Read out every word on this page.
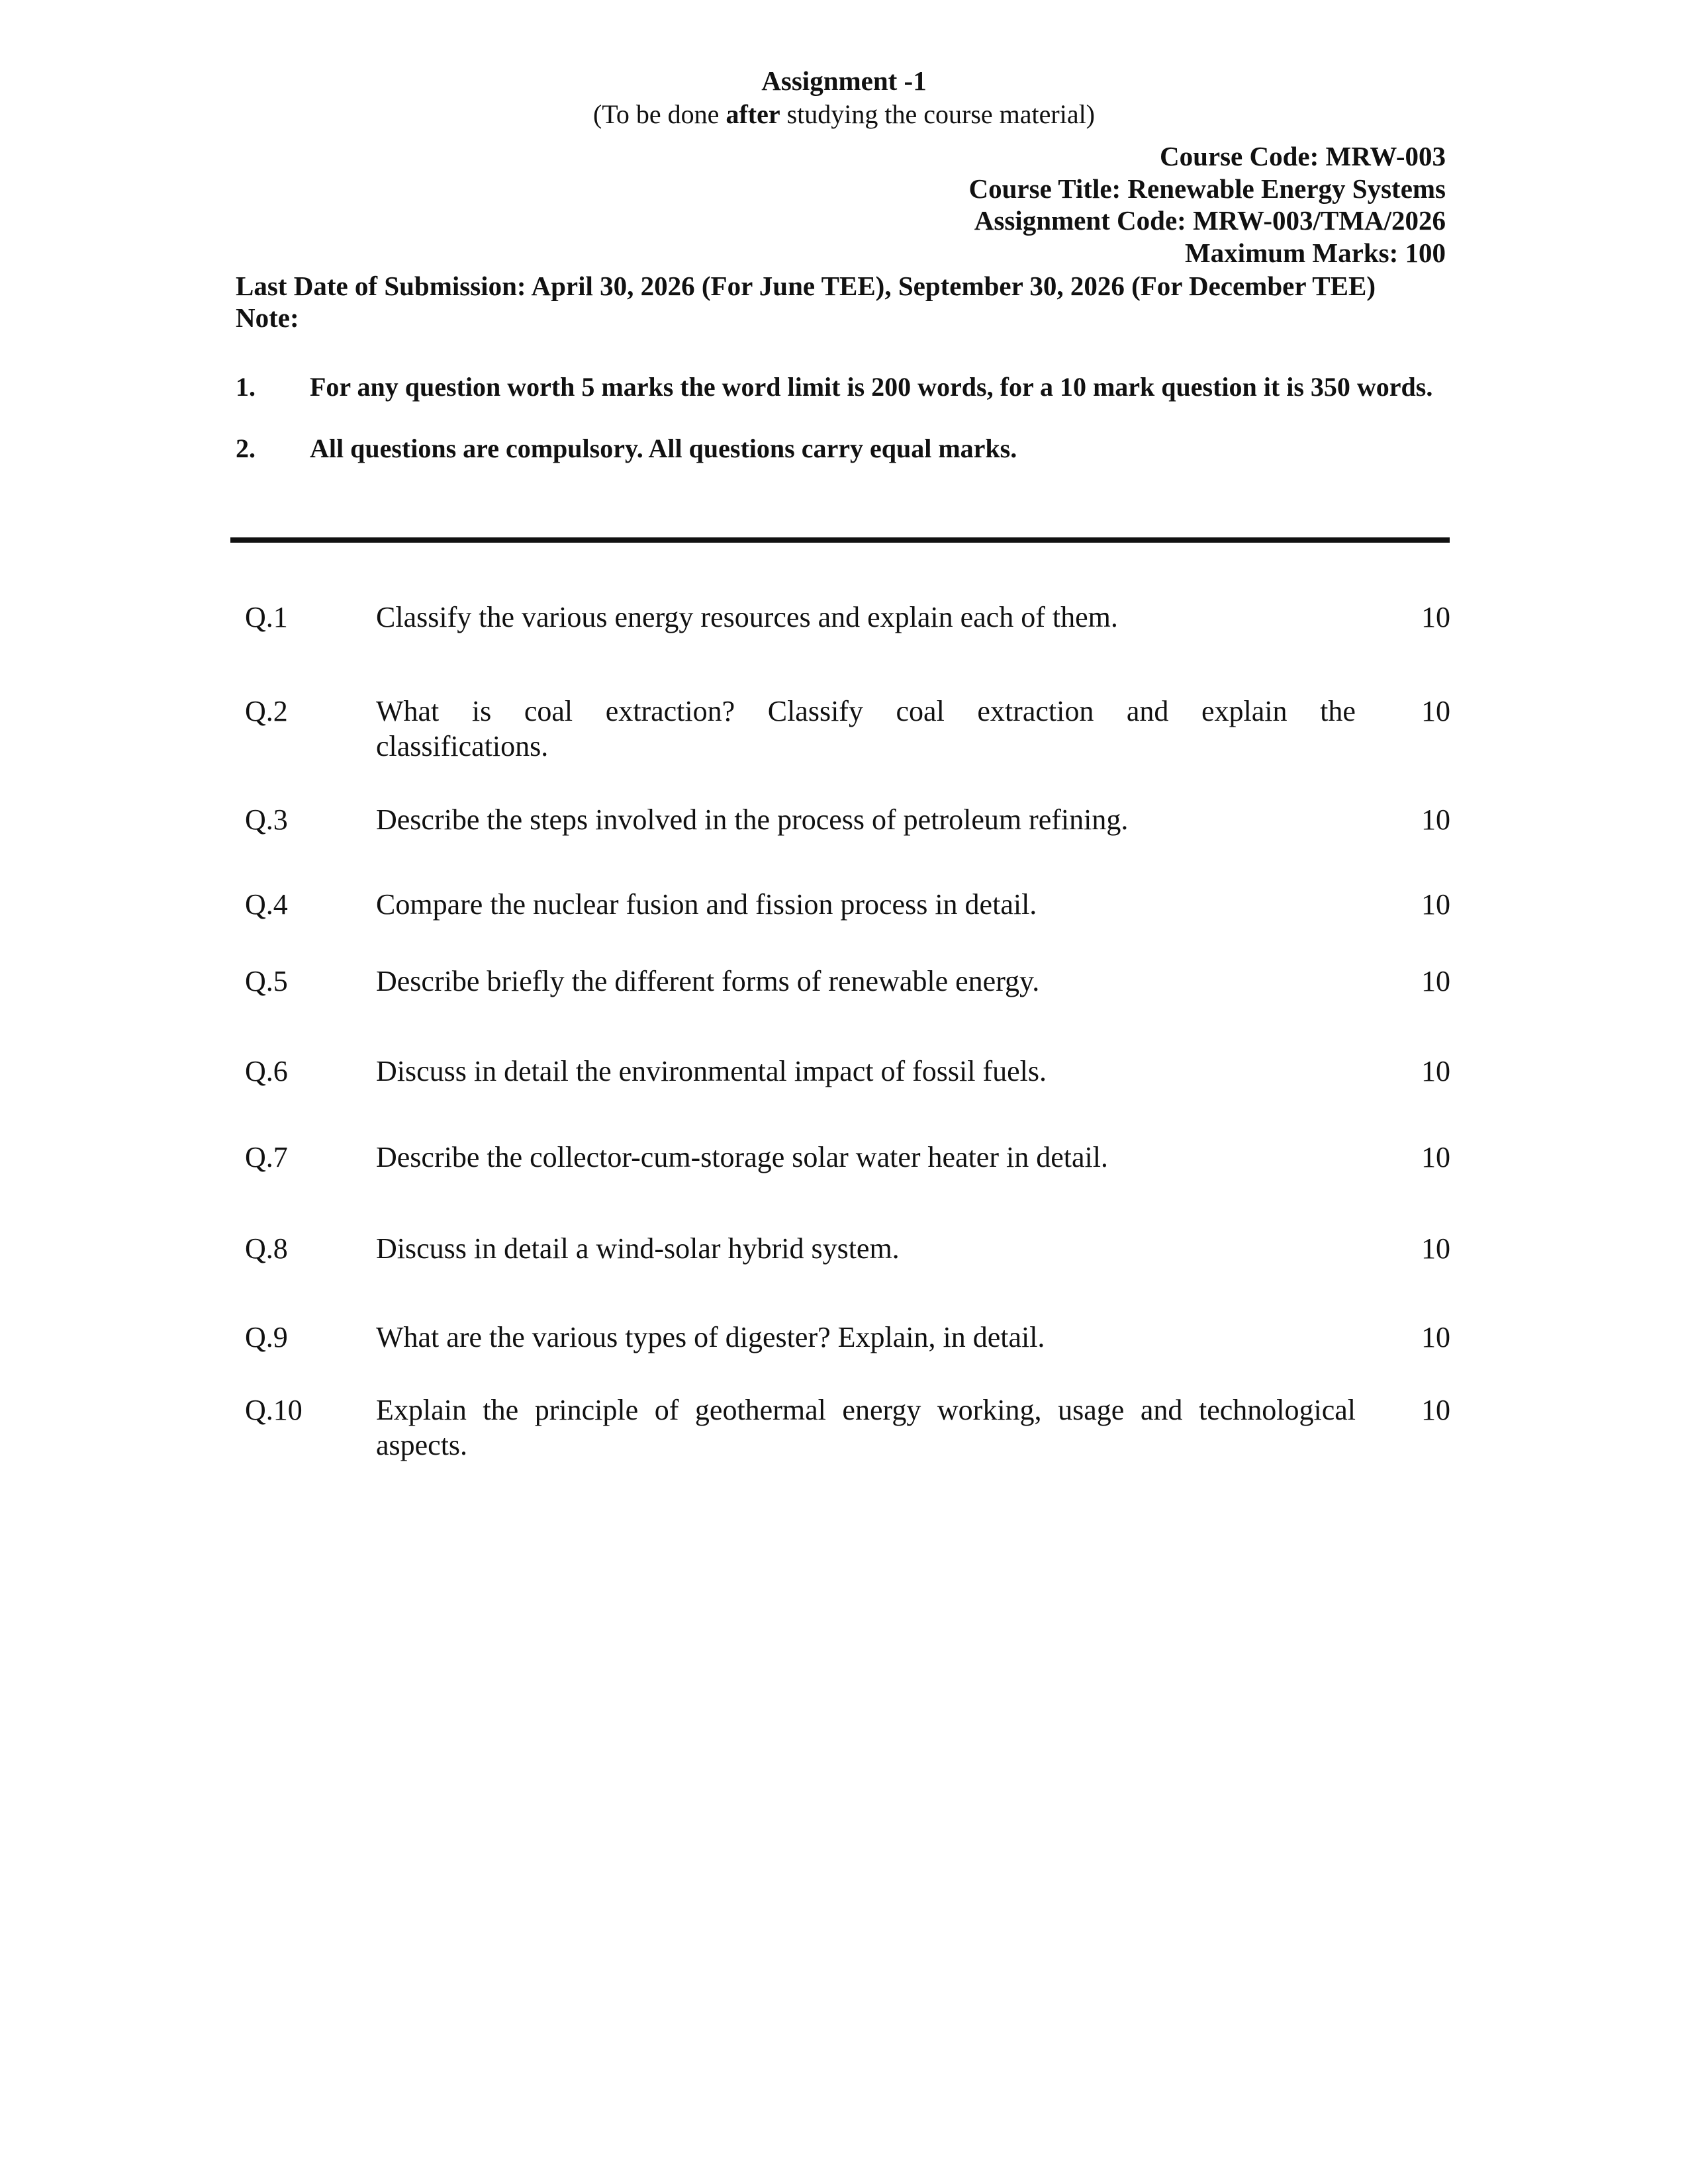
Assignment -1
(To be done after studying the course material)
Course Code: MRW-003
Course Title: Renewable Energy Systems
Assignment Code: MRW-003/TMA/2026
Maximum Marks: 100
Last Date of Submission: April 30, 2026 (For June TEE), September 30, 2026 (For December TEE)
Note:
1. For any question worth 5 marks the word limit is 200 words, for a 10 mark question it is 350 words.
2. All questions are compulsory. All questions carry equal marks.
Q.1	Classify the various energy resources and explain each of them.	10
Q.2	What is coal extraction? Classify coal extraction and explain the
classifications.
10
Q.3	Describe the steps involved in the process of petroleum refining.	10
Q.4	Compare the nuclear fusion and fission process in detail.	10
Q.5	Describe briefly the different forms of renewable energy.	10
Q.6	Discuss in detail the environmental impact of fossil fuels.	10
Q.7	Describe the collector-cum-storage solar water heater in detail.	10
Q.8	Discuss in detail a wind-solar hybrid system.	10
Q.9	What are the various types of digester? Explain, in detail.	10
Q.10	Explain the principle of geothermal energy working, usage and technological
aspects.
10
